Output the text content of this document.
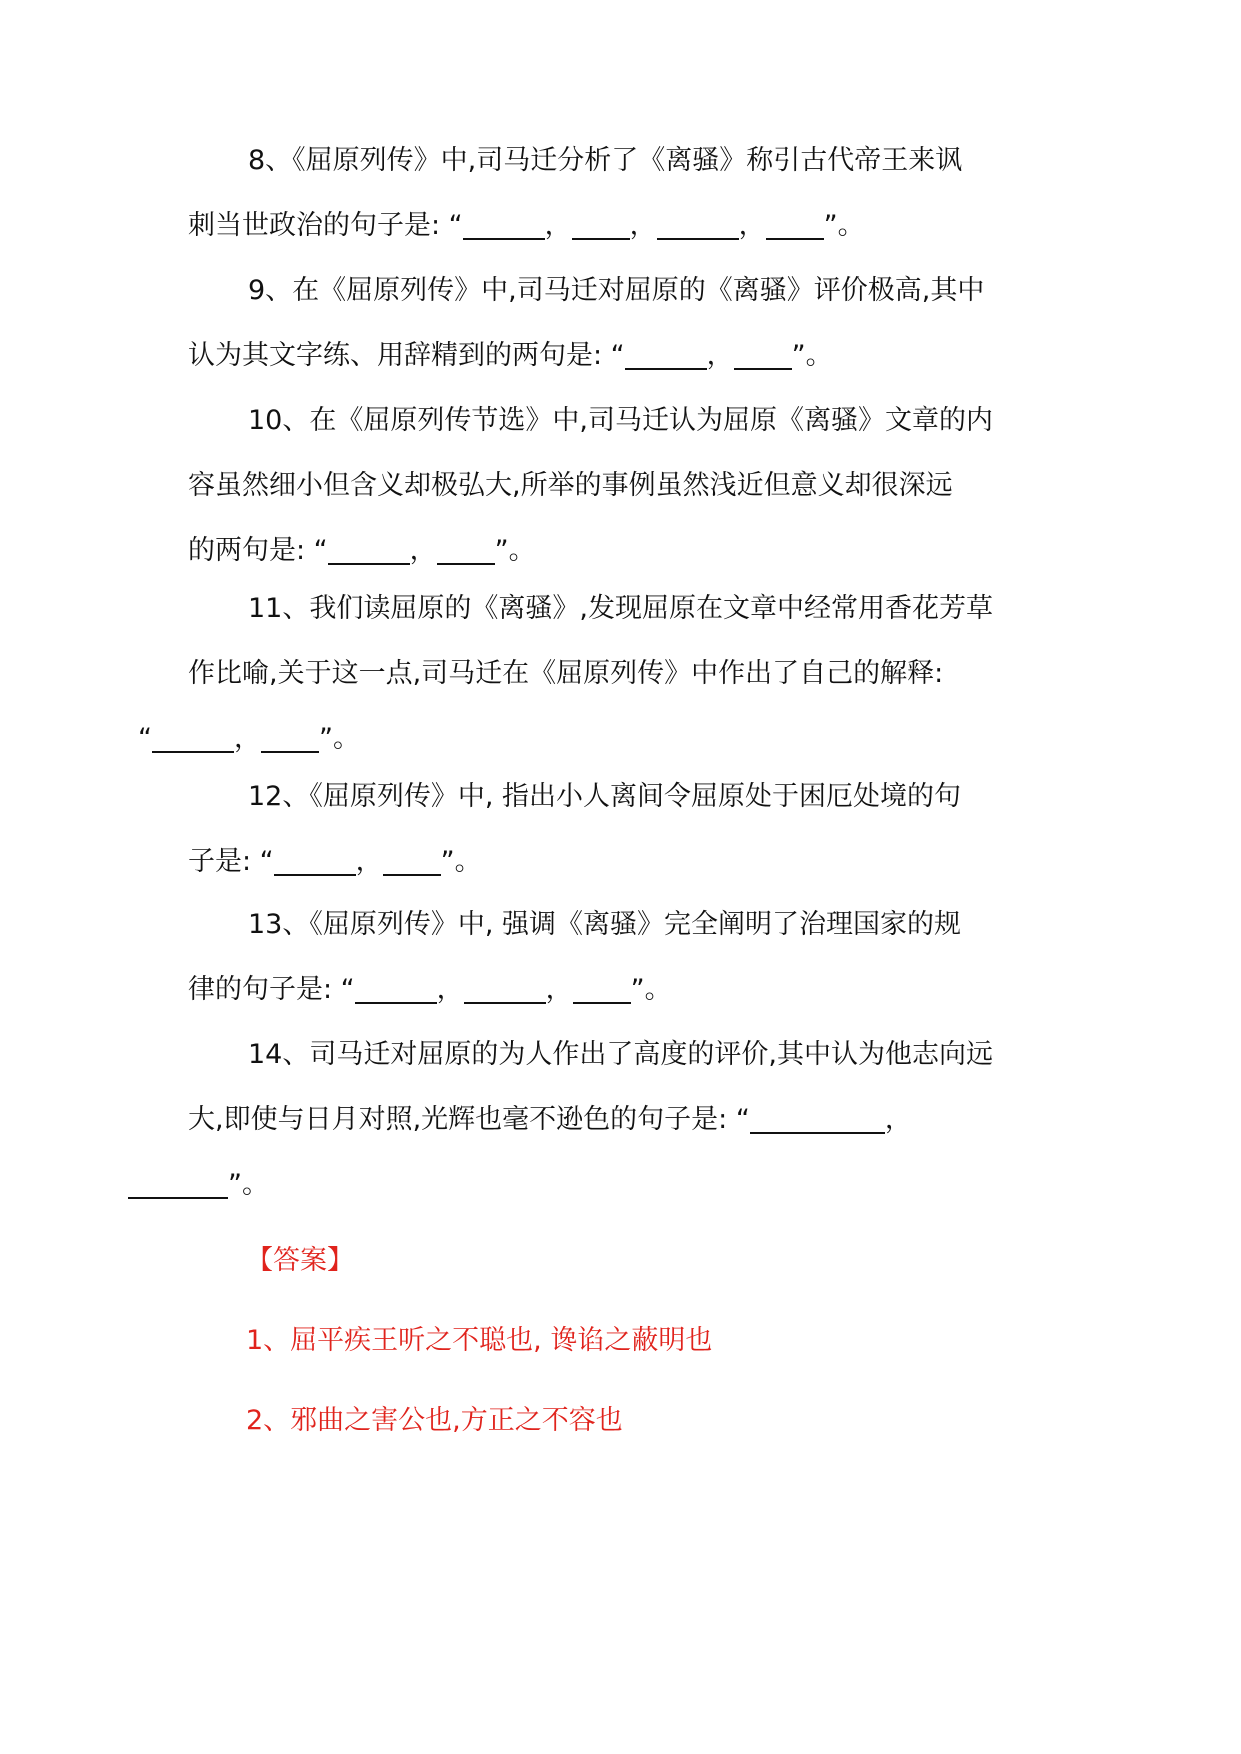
8、《屈原列传》中,司马迁分析了《离骚》称引古代帝王来讽
刺当世政治的句子是: “	， ，	， ”。

9、在《屈原列传》中,司马迁对屈原的《离骚》评价极高,其中
认为其文字练、用辞精到的两句是: “	， ”。

10、在《屈原列传节选》中,司马迁认为屈原《离骚》文章的内
容虽然细小但含义却极弘大,所举的事例虽然浅近但意义却很深远
的两句是: “	， ”。

11、我们读屈原的《离骚》,发现屈原在文章中经常用香花芳草
作比喻,关于这一点,司马迁在《屈原列传》中作出了自己的解释:
“	， ”。

12、《屈原列传》中, 指出小人离间令屈原处于困厄处境的句
子是: “	， ”。

13、《屈原列传》中, 强调《离骚》完全阐明了治理国家的规
律的句子是: “	，	， ”。

14、司马迁对屈原的为人作出了高度的评价,其中认为他志向远
大,即使与日月对照,光辉也毫不逊色的句子是: “	，
”。

【答案】

1、屈平疾王听之不聪也, 谗谄之蔽明也

2、邪曲之害公也,方正之不容也
